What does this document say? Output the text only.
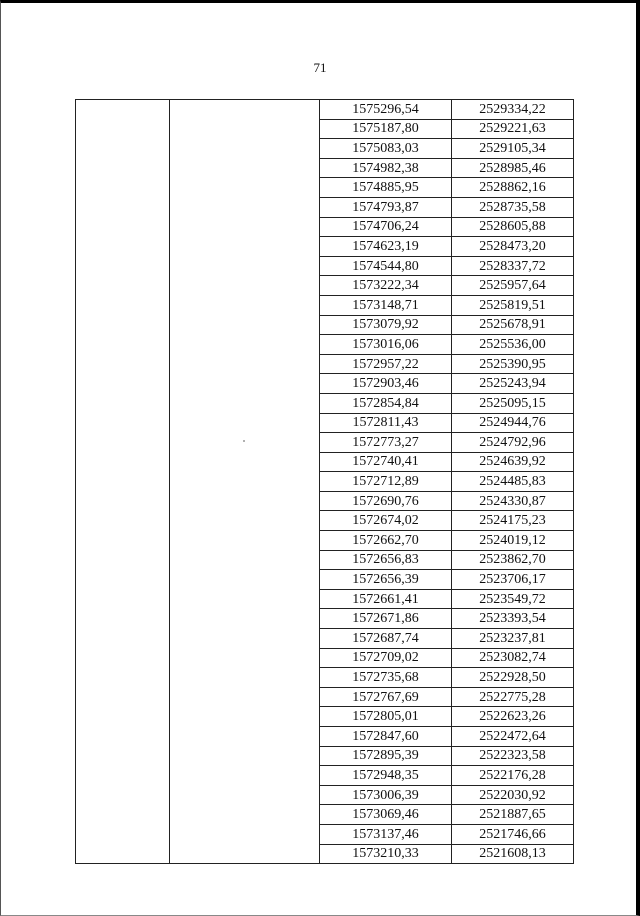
71
		1575296,54	2529334,22
		1575187,80	2529221,63
		1575083,03	2529105,34
		1574982,38	2528985,46
		1574885,95	2528862,16
		1574793,87	2528735,58
		1574706,24	2528605,88
		1574623,19	2528473,20
		1574544,80	2528337,72
		1573222,34	2525957,64
		1573148,71	2525819,51
		1573079,92	2525678,91
		1573016,06	2525536,00
		1572957,22	2525390,95
		1572903,46	2525243,94
		1572854,84	2525095,15
		1572811,43	2524944,76
		1572773,27	2524792,96
		1572740,41	2524639,92
		1572712,89	2524485,83
		1572690,76	2524330,87
		1572674,02	2524175,23
		1572662,70	2524019,12
		1572656,83	2523862,70
		1572656,39	2523706,17
		1572661,41	2523549,72
		1572671,86	2523393,54
		1572687,74	2523237,81
		1572709,02	2523082,74
		1572735,68	2522928,50
		1572767,69	2522775,28
		1572805,01	2522623,26
		1572847,60	2522472,64
		1572895,39	2522323,58
		1572948,35	2522176,28
		1573006,39	2522030,92
		1573069,46	2521887,65
		1573137,46	2521746,66
		1573210,33	2521608,13
